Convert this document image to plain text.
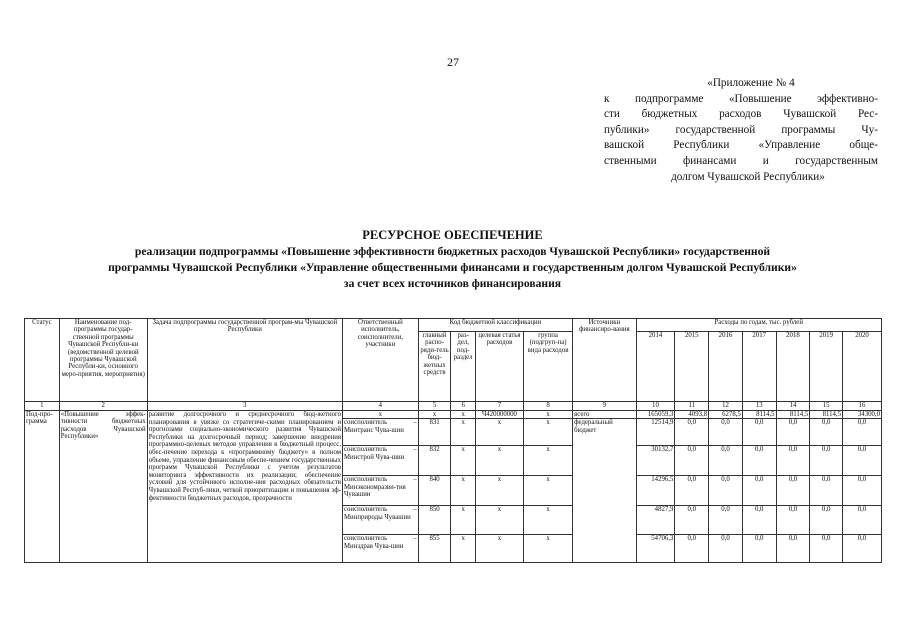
27
«Приложение № 4
к подпрограмме «Повышение эффективно-
сти бюджетных расходов Чувашской Рес-
публики» государственной программы Чу-
вашской Республики «Управление обще-
ственными финансами и государственным
долгом Чувашской Республики»
РЕСУРСНОЕ ОБЕСПЕЧЕНИЕ
реализации подпрограммы «Повышение эффективности бюджетных расходов Чувашской Республики» государственной
программы Чувашской Республики «Управление общественными финансами и государственным долгом Чувашской Республики»
за счет всех источников финансирования
Статус	Наименование под-программы государ-ственной программы Чувашской Республи-ки (ведомственной целевой программы Чувашской Республи-ки, основного меро-приятия, мероприятия)	Задача подпрограммы государственной програм-мы Чувашской Республики	Ответственный исполнитель, соисполнители, участники	Код бюджетной классификации				Источники финансиро-вания	Расходы по годам, тыс. рублей						
				главный распо-ряди-тель бюд-жетных средств	раз-дел, под-раздел	целевая статья расходов	группа (подгруп-па) вида расходов		2014	2015	2016	2017	2018	2019	2020
1	2	3	4	5	6	7	8	9	10	11	12	13	14	15	16
Под-про-грамма	«Повышение эффек-тивности бюджетных расходов Чувашской Республики»	развитие долгосрочного и среднесрочного бюд-жетного планирования в увязке со стратегиче-скими планированием и прогнозами социально-экономического развития Чувашской Республики на долгосрочный период; завершение внедрения программно-целевых методов управления в бюджетный процесс, обес-печение перехода к «программному бюджету» в полном объеме, управление финансовым обеспе-чением государственных программ Чувашской Республики с учетом результатов мониторинга эффективности их реализации; обеспечение условий для устойчивого исполне-ния расходных обязательств Чувашской Респуб-лики, четкой приоритизации и повышения эф-фективности бюджетных расходов, прозрачности	х	х	х	Ч420000000	х	всего	165059,3	4093,8	6278,5	8114,5	8114,5	8114,5	34300,0
			соисполнитель – Минтранс Чува-шии	831	х	х	х	федеральный бюджет	12514,9	0,0	0,0	0,0	0,0	0,0	0,0
			соисполнитель – Минстрой Чува-шии	832	х	х	х		30132,7	0,0	0,0	0,0	0,0	0,0	0,0
			соисполнитель – Минэкономразви-тия Чувашии	840	х	х	х		14296,5	0,0	0,0	0,0	0,0	0,0	0,0
			соисполнитель – Минприроды Чувашии	850	х	х	х		4827,9	0,0	0,0	0,0	0,0	0,0	0,0
			соисполнитель – Минздрав Чува-шии	855	х	х	х		54706,3	0,0	0,0	0,0	0,0	0,0	0,0
